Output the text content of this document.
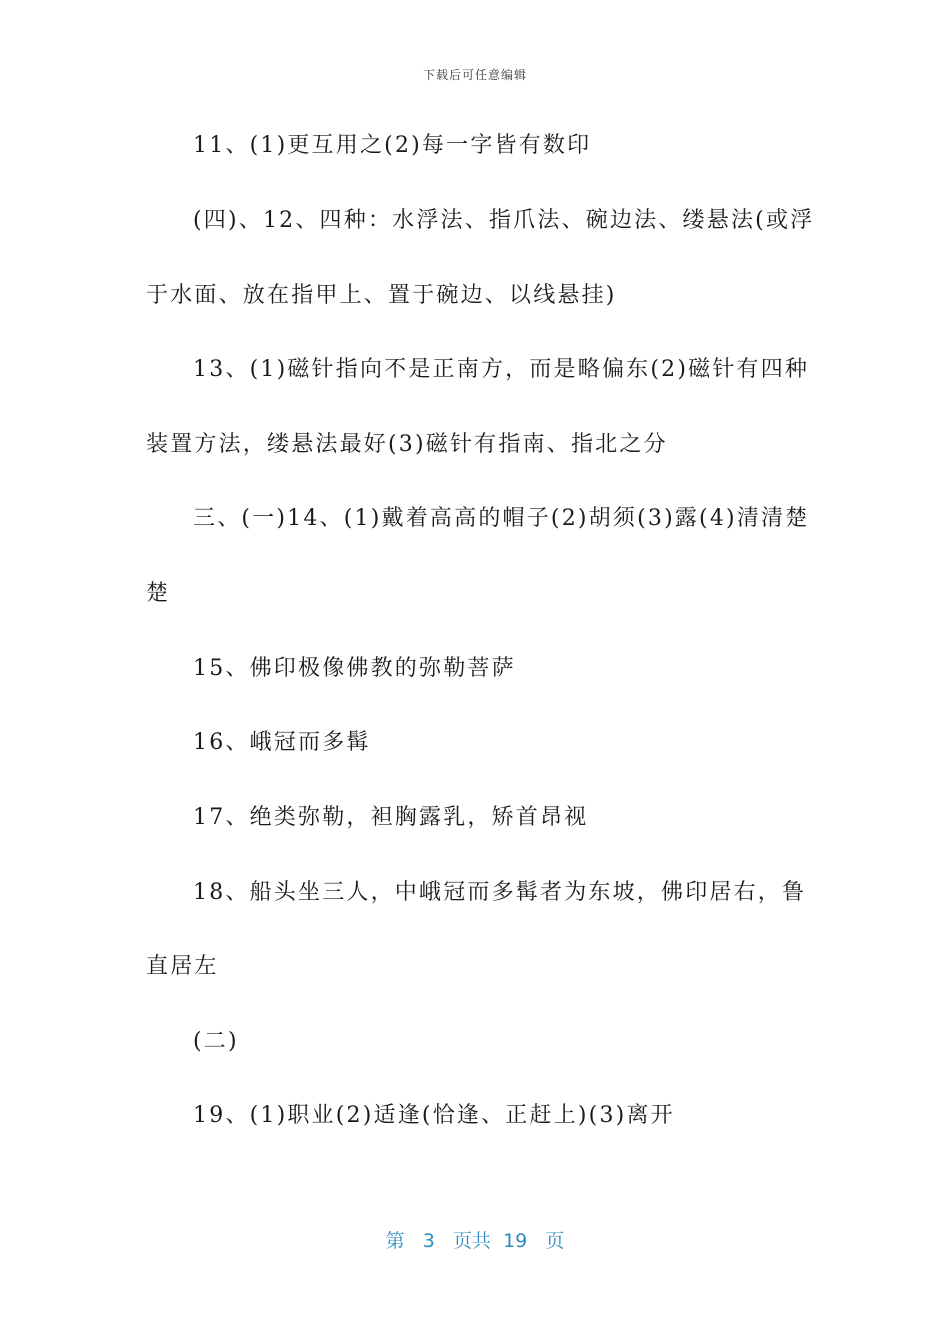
下载后可任意编辑
11、(1)更互用之(2)每一字皆有数印
(四)、12、四种：水浮法、指爪法、碗边法、缕悬法(或浮
于水面、放在指甲上、置于碗边、以线悬挂)
13、(1)磁针指向不是正南方，而是略偏东(2)磁针有四种
装置方法，缕悬法最好(3)磁针有指南、指北之分
三、(一)14、(1)戴着高高的帽子(2)胡须(3)露(4)清清楚
楚
15、佛印极像佛教的弥勒菩萨
16、峨冠而多髯
17、绝类弥勒，袒胸露乳，矫首昂视
18、船头坐三人，中峨冠而多髯者为东坡，佛印居右，鲁
直居左
(二)
19、(1)职业(2)适逢(恰逢、正赶上)(3)离开
第 3 页共 19 页
